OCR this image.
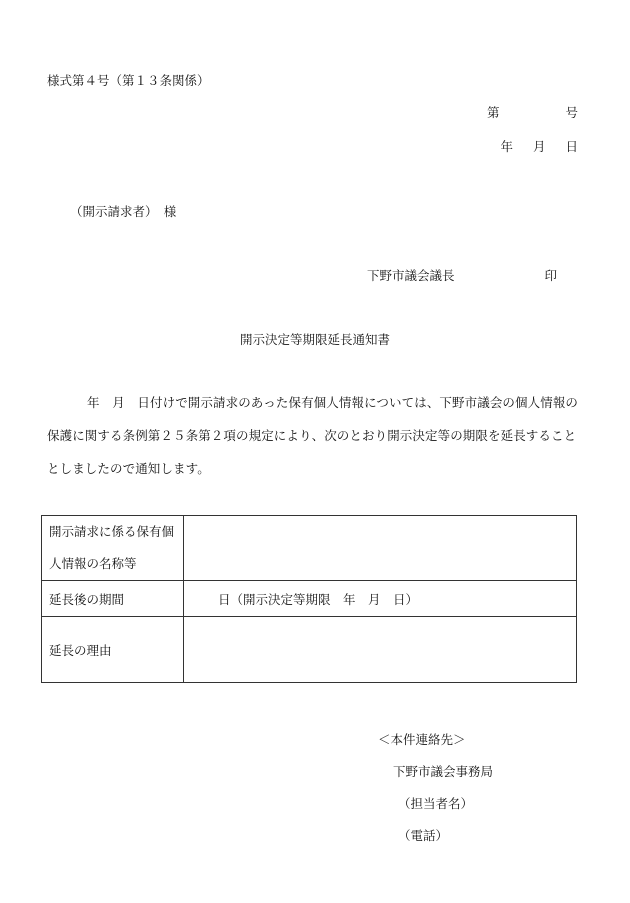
様式第４号（第１３条関係）
第	号
年 月 日
（開示請求者）　様
下野市議会議長	印
開示決定等期限延長通知書
年　月　日付けで開示請求のあった保有個人情報については、下野市議会の個人情報の保護に関する条例第２５条第２項の規定により、次のとおり開示決定等の期限を延長することとしましたので通知します。
開示請求に係る保有個人情報の名称等	
延長後の期間	日（開示決定等期限　年　月　日）
延長の理由	
＜本件連絡先＞
下野市議会事務局
（担当者名）
（電話）
